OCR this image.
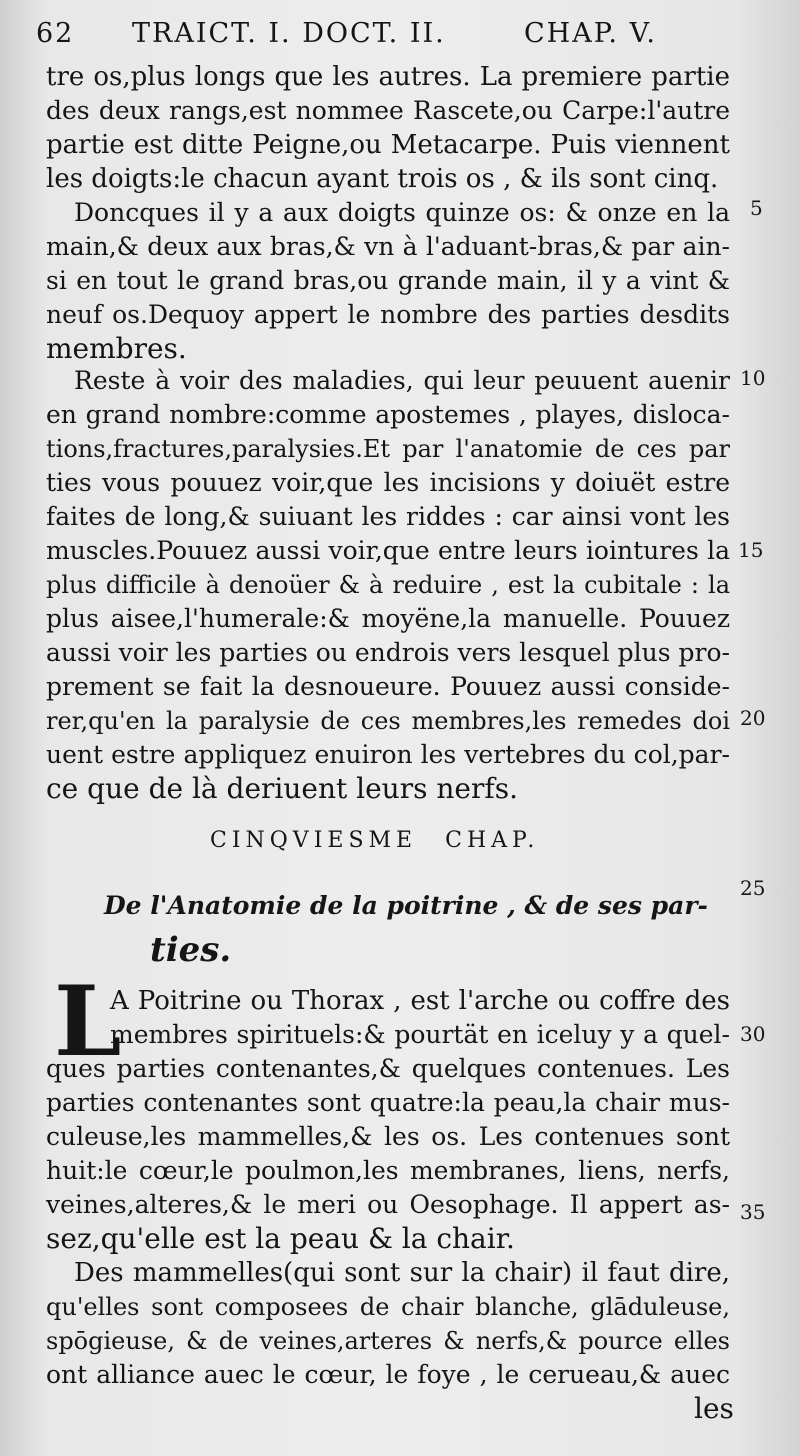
62 TRAICT. I. DOCT. II.	CHAP. V.
tre os,plus longs que les autres. La premiere partie
des deux rangs,est nommee Rascete,ou Carpe:l'autre
partie est ditte Peigne,ou Metacarpe. Puis viennent
les doigts:le chacun ayant trois os , & ils sont cinq.
Doncques il y a aux doigts quinze os: & onze en la
main,& deux aux bras,& vn à l'aduant-bras,& par ain-
si en tout le grand bras,ou grande main, il y a vint &
neuf os.Dequoy appert le nombre des parties desdits
membres.
Reste à voir des maladies, qui leur peuuent auenir
en grand nombre:comme apostemes , playes, disloca-
tions,fractures,paralysies.Et par l'anatomie de ces par
ties vous pouuez voir,que les incisions y doiuët estre
faites de long,& suiuant les riddes : car ainsi vont les
muscles.Pouuez aussi voir,que entre leurs iointures la
plus difficile à denoüer & à reduire , est la cubitale : la
plus aisee,l'humerale:& moyëne,la manuelle. Pouuez
aussi voir les parties ou endrois vers lesquel plus pro-
prement se fait la desnoueure. Pouuez aussi conside-
rer,qu'en la paralysie de ces membres,les remedes doi
uent estre appliquez enuiron les vertebres du col,par-
ce que de là deriuent leurs nerfs.
5
10
15
20
25
30
35
CINQVIESME CHAP.
De l'Anatomie de la poitrine , & de ses par-
ties.
L
A Poitrine ou Thorax , est l'arche ou coffre des
membres spirituels:& pourtät en iceluy y a quel-
ques parties contenantes,& quelques contenues. Les
parties contenantes sont quatre:la peau,la chair mus-
culeuse,les mammelles,& les os. Les contenues sont
huit:le cœur,le poulmon,les membranes, liens, nerfs,
veines,alteres,& le meri ou Oesophage. Il appert as-
sez,qu'elle est la peau & la chair.
Des mammelles(qui sont sur la chair) il faut dire,
qu'elles sont composees de chair blanche, glāduleuse,
spōgieuse, & de veines,arteres & nerfs,& pource elles
ont alliance auec le cœur, le foye , le cerueau,& auec
les
